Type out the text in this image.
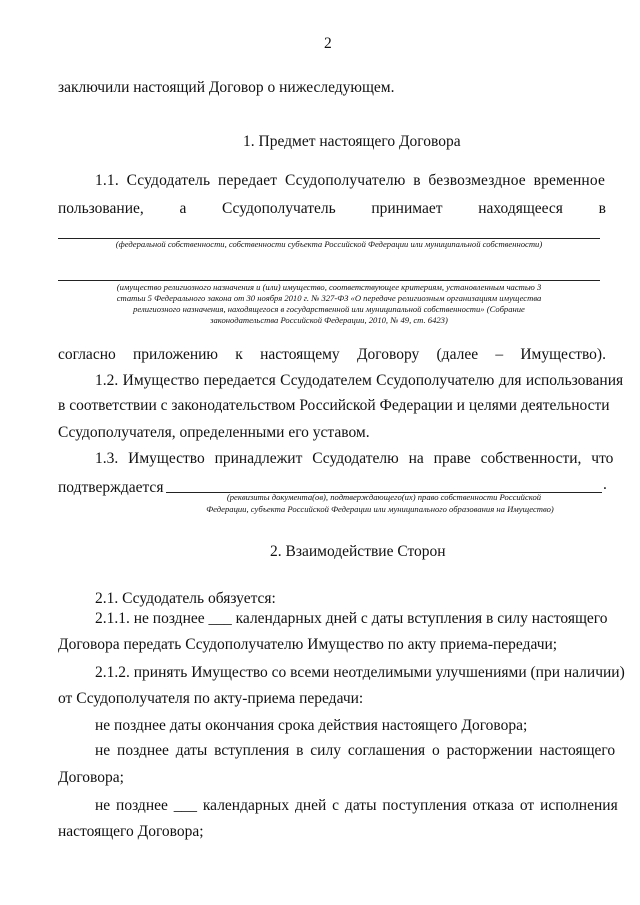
2
заключили настоящий Договор о нижеследующем.
1. Предмет настоящего Договора
1.1. Ссудодатель передает Ссудополучателю в безвозмездное временное
пользование, а Ссудополучатель принимает находящееся в
(федеральной собственности, собственности субъекта Российской Федерации или муниципальной собственности)
(имущество религиозного назначения и (или) имущество, соответствующее критериям, установленным частью 3
статьи 5 Федерального закона от 30 ноября 2010 г. № 327-ФЗ «О передаче религиозным организациям имущества
религиозного назначения, находящегося в государственной или муниципальной собственности» (Собрание
законодательства Российской Федерации, 2010, № 49, ст. 6423)
согласно приложению к настоящему Договору (далее – Имущество).
1.2. Имущество передается Ссудодателем Ссудополучателю для использования
в соответствии с законодательством Российской Федерации и целями деятельности
Ссудополучателя, определенными его уставом.
1.3. Имущество принадлежит Ссудодателю на праве собственности, что
подтверждается	.
(реквизиты документа(ов), подтверждающего(их) право собственности Российской
Федерации, субъекта Российской Федерации или муниципального образования на Имущество)
2. Взаимодействие Сторон
2.1. Ссудодатель обязуется:
2.1.1. не позднее ___ календарных дней с даты вступления в силу настоящего
Договора передать Ссудополучателю Имущество по акту приема-передачи;
2.1.2. принять Имущество со всеми неотделимыми улучшениями (при наличии)
от Ссудополучателя по акту-приема передачи:
не позднее даты окончания срока действия настоящего Договора;
не позднее даты вступления в силу соглашения о расторжении настоящего
Договора;
не позднее ___ календарных дней с даты поступления отказа от исполнения
настоящего Договора;
